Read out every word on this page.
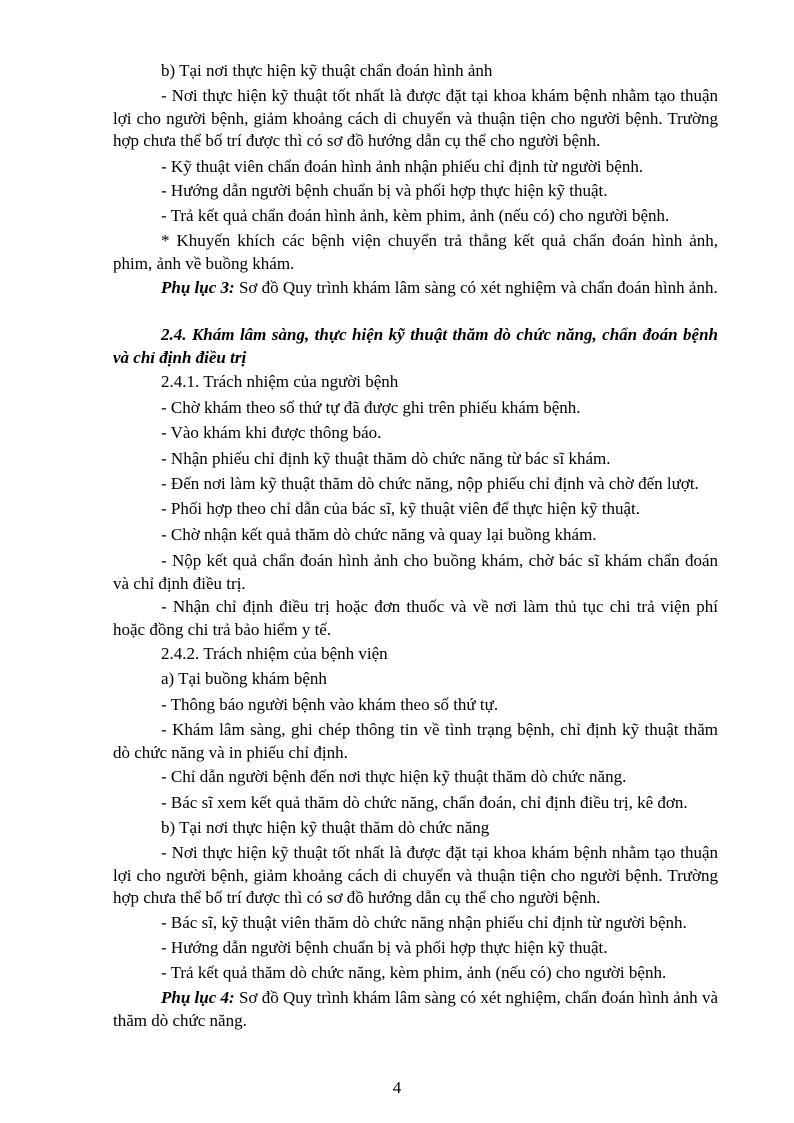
b) Tại nơi thực hiện kỹ thuật chẩn đoán hình ảnh

- Nơi thực hiện kỹ thuật tốt nhất là được đặt tại khoa khám bệnh nhằm tạo thuận lợi cho người bệnh, giảm khoảng cách di chuyển và thuận tiện cho người bệnh. Trường hợp chưa thể bố trí được thì có sơ đồ hướng dẫn cụ thể cho người bệnh.

- Kỹ thuật viên chẩn đoán hình ảnh nhận phiếu chỉ định từ người bệnh.

- Hướng dẫn người bệnh chuẩn bị và phối hợp thực hiện kỹ thuật.

- Trả kết quả chẩn đoán hình ảnh, kèm phim, ảnh (nếu có) cho người bệnh.

* Khuyến khích các bệnh viện chuyển trả thẳng kết quả chẩn đoán hình ảnh, phim, ảnh về buồng khám.

Phụ lục 3: Sơ đồ Quy trình khám lâm sàng có xét nghiệm và chẩn đoán hình ảnh.

2.4. Khám lâm sàng, thực hiện kỹ thuật thăm dò chức năng, chẩn đoán bệnh và chỉ định điều trị

2.4.1. Trách nhiệm của người bệnh

- Chờ khám theo số thứ tự đã được ghi trên phiếu khám bệnh.

- Vào khám khi được thông báo.

- Nhận phiếu chỉ định kỹ thuật thăm dò chức năng từ bác sĩ khám.

- Đến nơi làm kỹ thuật thăm dò chức năng, nộp phiếu chỉ định và chờ đến lượt.

- Phối hợp theo chỉ dẫn của bác sĩ, kỹ thuật viên để thực hiện kỹ thuật.

- Chờ nhận kết quả thăm dò chức năng và quay lại buồng khám.

- Nộp kết quả chẩn đoán hình ảnh cho buồng khám, chờ bác sĩ khám chẩn đoán và chỉ định điều trị.

- Nhận chỉ định điều trị hoặc đơn thuốc và về nơi làm thủ tục chi trả viện phí hoặc đồng chi trả bảo hiểm y tế.

2.4.2. Trách nhiệm của bệnh viện

a) Tại buồng khám bệnh

- Thông báo người bệnh vào khám theo số thứ tự.

- Khám lâm sàng, ghi chép thông tin về tình trạng bệnh, chỉ định kỹ thuật thăm dò chức năng và in phiếu chỉ định.

- Chỉ dẫn người bệnh đến nơi thực hiện kỹ thuật thăm dò chức năng.

- Bác sĩ xem kết quả thăm dò chức năng, chẩn đoán, chỉ định điều trị, kê đơn.

b) Tại nơi thực hiện kỹ thuật thăm dò chức năng

- Nơi thực hiện kỹ thuật tốt nhất là được đặt tại khoa khám bệnh nhằm tạo thuận lợi cho người bệnh, giảm khoảng cách di chuyển và thuận tiện cho người bệnh. Trường hợp chưa thể bố trí được thì có sơ đồ hướng dẫn cụ thể cho người bệnh.

- Bác sĩ, kỹ thuật viên thăm dò chức năng nhận phiếu chỉ định từ người bệnh.

- Hướng dẫn người bệnh chuẩn bị và phối hợp thực hiện kỹ thuật.

- Trả kết quả thăm dò chức năng, kèm phim, ảnh (nếu có) cho người bệnh.

Phụ lục 4: Sơ đồ Quy trình khám lâm sàng có xét nghiệm, chẩn đoán hình ảnh và thăm dò chức năng.

4
